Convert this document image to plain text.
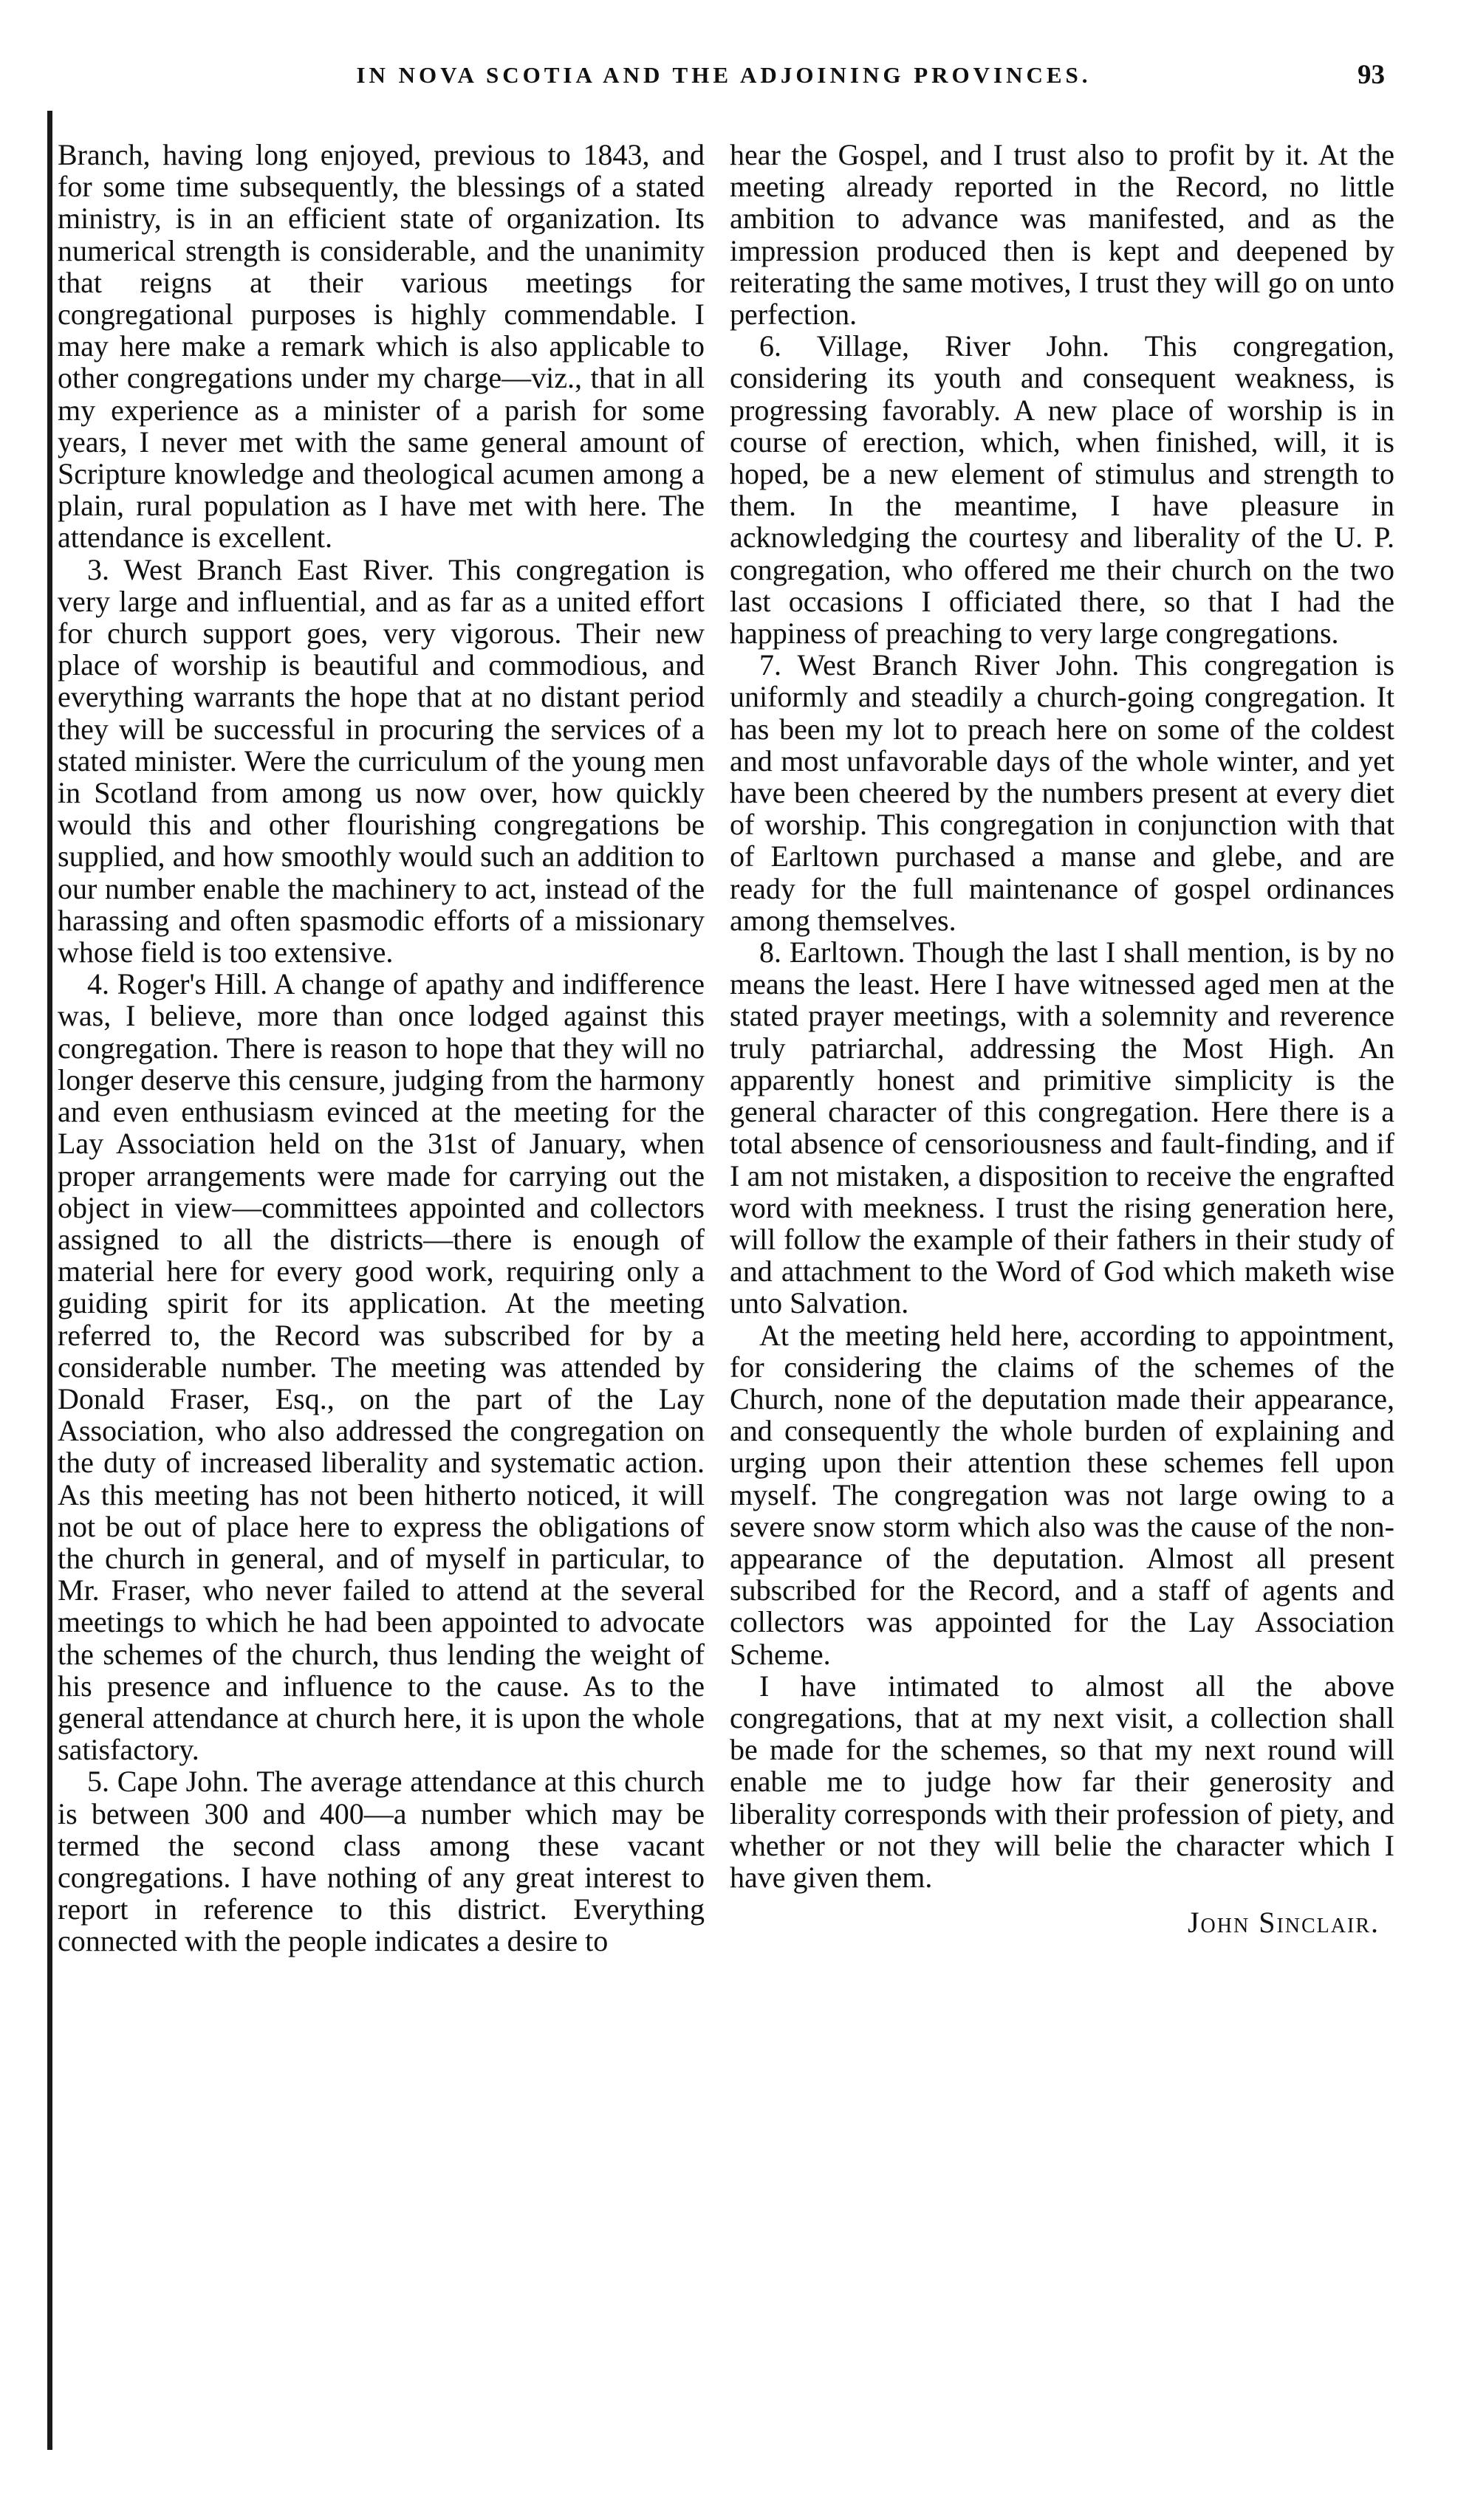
IN NOVA SCOTIA AND THE ADJOINING PROVINCES.	93

Branch, having long enjoyed, previous to 1843, and for some time subsequently, the blessings of a stated ministry, is in an efficient state of organization. Its numerical strength is considerable, and the unanimity that reigns at their various meetings for congregational purposes is highly commendable. I may here make a remark which is also applicable to other congregations under my charge—viz., that in all my experience as a minister of a parish for some years, I never met with the same general amount of Scripture knowledge and theological acumen among a plain, rural population as I have met with here. The attendance is excellent.

3. West Branch East River. This congregation is very large and influential, and as far as a united effort for church support goes, very vigorous. Their new place of worship is beautiful and commodious, and everything warrants the hope that at no distant period they will be successful in procuring the services of a stated minister. Were the curriculum of the young men in Scotland from among us now over, how quickly would this and other flourishing congregations be supplied, and how smoothly would such an addition to our number enable the machinery to act, instead of the harassing and often spasmodic efforts of a missionary whose field is too extensive.

4. Roger's Hill. A change of apathy and indifference was, I believe, more than once lodged against this congregation. There is reason to hope that they will no longer deserve this censure, judging from the harmony and even enthusiasm evinced at the meeting for the Lay Association held on the 31st of January, when proper arrangements were made for carrying out the object in view—committees appointed and collectors assigned to all the districts—there is enough of material here for every good work, requiring only a guiding spirit for its application. At the meeting referred to, the Record was subscribed for by a considerable number. The meeting was attended by Donald Fraser, Esq., on the part of the Lay Association, who also addressed the congregation on the duty of increased liberality and systematic action. As this meeting has not been hitherto noticed, it will not be out of place here to express the obligations of the church in general, and of myself in particular, to Mr. Fraser, who never failed to attend at the several meetings to which he had been appointed to advocate the schemes of the church, thus lending the weight of his presence and influence to the cause. As to the general attendance at church here, it is upon the whole satisfactory.

5. Cape John. The average attendance at this church is between 300 and 400—a number which may be termed the second class among these vacant congregations. I have nothing of any great interest to report in reference to this district. Everything connected with the people indicates a desire to

hear the Gospel, and I trust also to profit by it. At the meeting already reported in the Record, no little ambition to advance was manifested, and as the impression produced then is kept and deepened by reiterating the same motives, I trust they will go on unto perfection.

6. Village, River John. This congregation, considering its youth and consequent weakness, is progressing favorably. A new place of worship is in course of erection, which, when finished, will, it is hoped, be a new element of stimulus and strength to them. In the meantime, I have pleasure in acknowledging the courtesy and liberality of the U. P. congregation, who offered me their church on the two last occasions I officiated there, so that I had the happiness of preaching to very large congregations.

7. West Branch River John. This congregation is uniformly and steadily a church-going congregation. It has been my lot to preach here on some of the coldest and most unfavorable days of the whole winter, and yet have been cheered by the numbers present at every diet of worship. This congregation in conjunction with that of Earltown purchased a manse and glebe, and are ready for the full maintenance of gospel ordinances among themselves.

8. Earltown. Though the last I shall mention, is by no means the least. Here I have witnessed aged men at the stated prayer meetings, with a solemnity and reverence truly patriarchal, addressing the Most High. An apparently honest and primitive simplicity is the general character of this congregation. Here there is a total absence of censoriousness and fault-finding, and if I am not mistaken, a disposition to receive the engrafted word with meekness. I trust the rising generation here, will follow the example of their fathers in their study of and attachment to the Word of God which maketh wise unto Salvation.

At the meeting held here, according to appointment, for considering the claims of the schemes of the Church, none of the deputation made their appearance, and consequently the whole burden of explaining and urging upon their attention these schemes fell upon myself. The congregation was not large owing to a severe snow storm which also was the cause of the non-appearance of the deputation. Almost all present subscribed for the Record, and a staff of agents and collectors was appointed for the Lay Association Scheme.

I have intimated to almost all the above congregations, that at my next visit, a collection shall be made for the schemes, so that my next round will enable me to judge how far their generosity and liberality corresponds with their profession of piety, and whether or not they will belie the character which I have given them.

John Sinclair.
